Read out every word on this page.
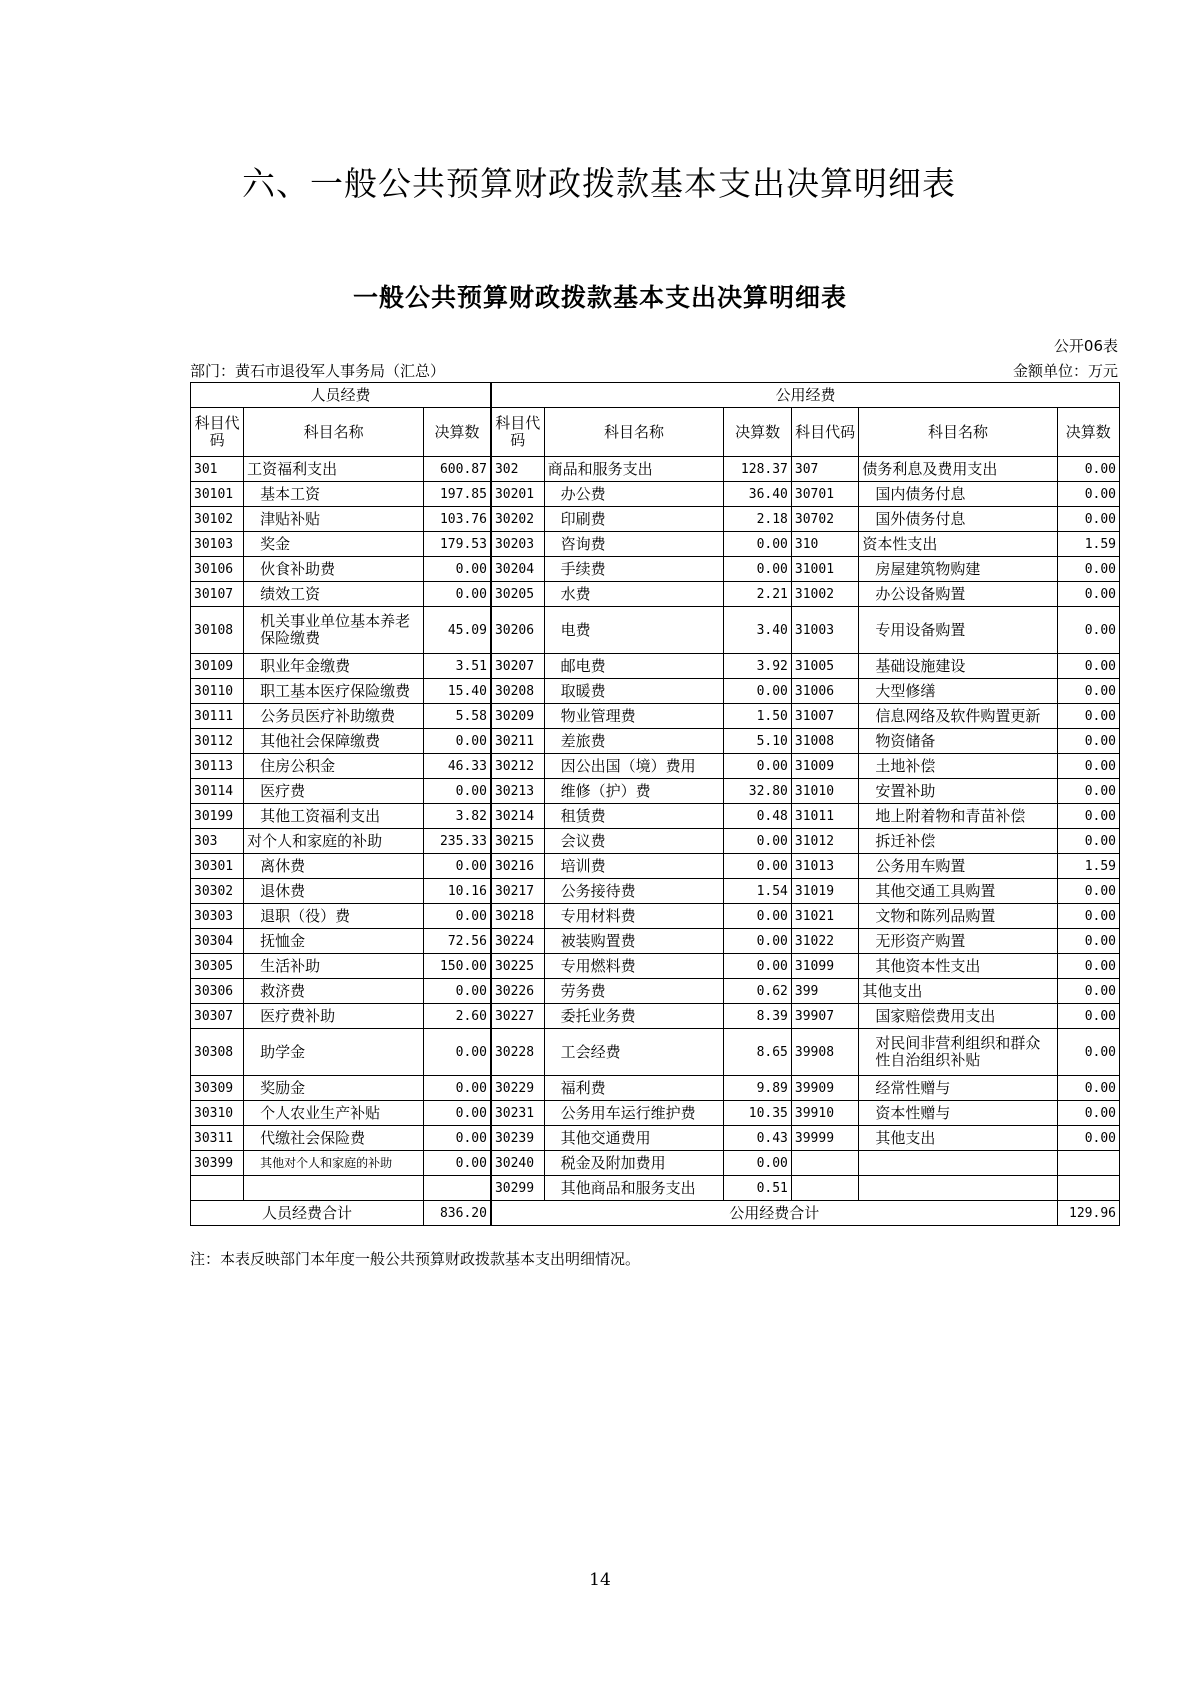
六、一般公共预算财政拨款基本支出决算明细表
一般公共预算财政拨款基本支出决算明细表
公开06表
部门：黄石市退役军人事务局（汇总）	金额单位：万元
人员经费			公用经费					
科目代码	科目名称	决算数	科目代码	科目名称	决算数	科目代码	科目名称	决算数
301	工资福利支出	600.87	302	商品和服务支出	128.37	307	债务利息及费用支出	0.00
30101	基本工资	197.85	30201	办公费	36.40	30701	国内债务付息	0.00
30102	津贴补贴	103.76	30202	印刷费	2.18	30702	国外债务付息	0.00
30103	奖金	179.53	30203	咨询费	0.00	310	资本性支出	1.59
30106	伙食补助费	0.00	30204	手续费	0.00	31001	房屋建筑物购建	0.00
30107	绩效工资	0.00	30205	水费	2.21	31002	办公设备购置	0.00
30108	机关事业单位基本养老保险缴费	45.09	30206	电费	3.40	31003	专用设备购置	0.00
30109	职业年金缴费	3.51	30207	邮电费	3.92	31005	基础设施建设	0.00
30110	职工基本医疗保险缴费	15.40	30208	取暖费	0.00	31006	大型修缮	0.00
30111	公务员医疗补助缴费	5.58	30209	物业管理费	1.50	31007	信息网络及软件购置更新	0.00
30112	其他社会保障缴费	0.00	30211	差旅费	5.10	31008	物资储备	0.00
30113	住房公积金	46.33	30212	因公出国（境）费用	0.00	31009	土地补偿	0.00
30114	医疗费	0.00	30213	维修（护）费	32.80	31010	安置补助	0.00
30199	其他工资福利支出	3.82	30214	租赁费	0.48	31011	地上附着物和青苗补偿	0.00
303	对个人和家庭的补助	235.33	30215	会议费	0.00	31012	拆迁补偿	0.00
30301	离休费	0.00	30216	培训费	0.00	31013	公务用车购置	1.59
30302	退休费	10.16	30217	公务接待费	1.54	31019	其他交通工具购置	0.00
30303	退职（役）费	0.00	30218	专用材料费	0.00	31021	文物和陈列品购置	0.00
30304	抚恤金	72.56	30224	被装购置费	0.00	31022	无形资产购置	0.00
30305	生活补助	150.00	30225	专用燃料费	0.00	31099	其他资本性支出	0.00
30306	救济费	0.00	30226	劳务费	0.62	399	其他支出	0.00
30307	医疗费补助	2.60	30227	委托业务费	8.39	39907	国家赔偿费用支出	0.00
30308	助学金	0.00	30228	工会经费	8.65	39908	对民间非营利组织和群众性自治组织补贴	0.00
30309	奖励金	0.00	30229	福利费	9.89	39909	经常性赠与	0.00
30310	个人农业生产补贴	0.00	30231	公务用车运行维护费	10.35	39910	资本性赠与	0.00
30311	代缴社会保险费	0.00	30239	其他交通费用	0.43	39999	其他支出	0.00
30399	其他对个人和家庭的补助	0.00	30240	税金及附加费用	0.00			
			30299	其他商品和服务支出	0.51			
人员经费合计		836.20	公用经费合计					129.96
注：本表反映部门本年度一般公共预算财政拨款基本支出明细情况。
14
